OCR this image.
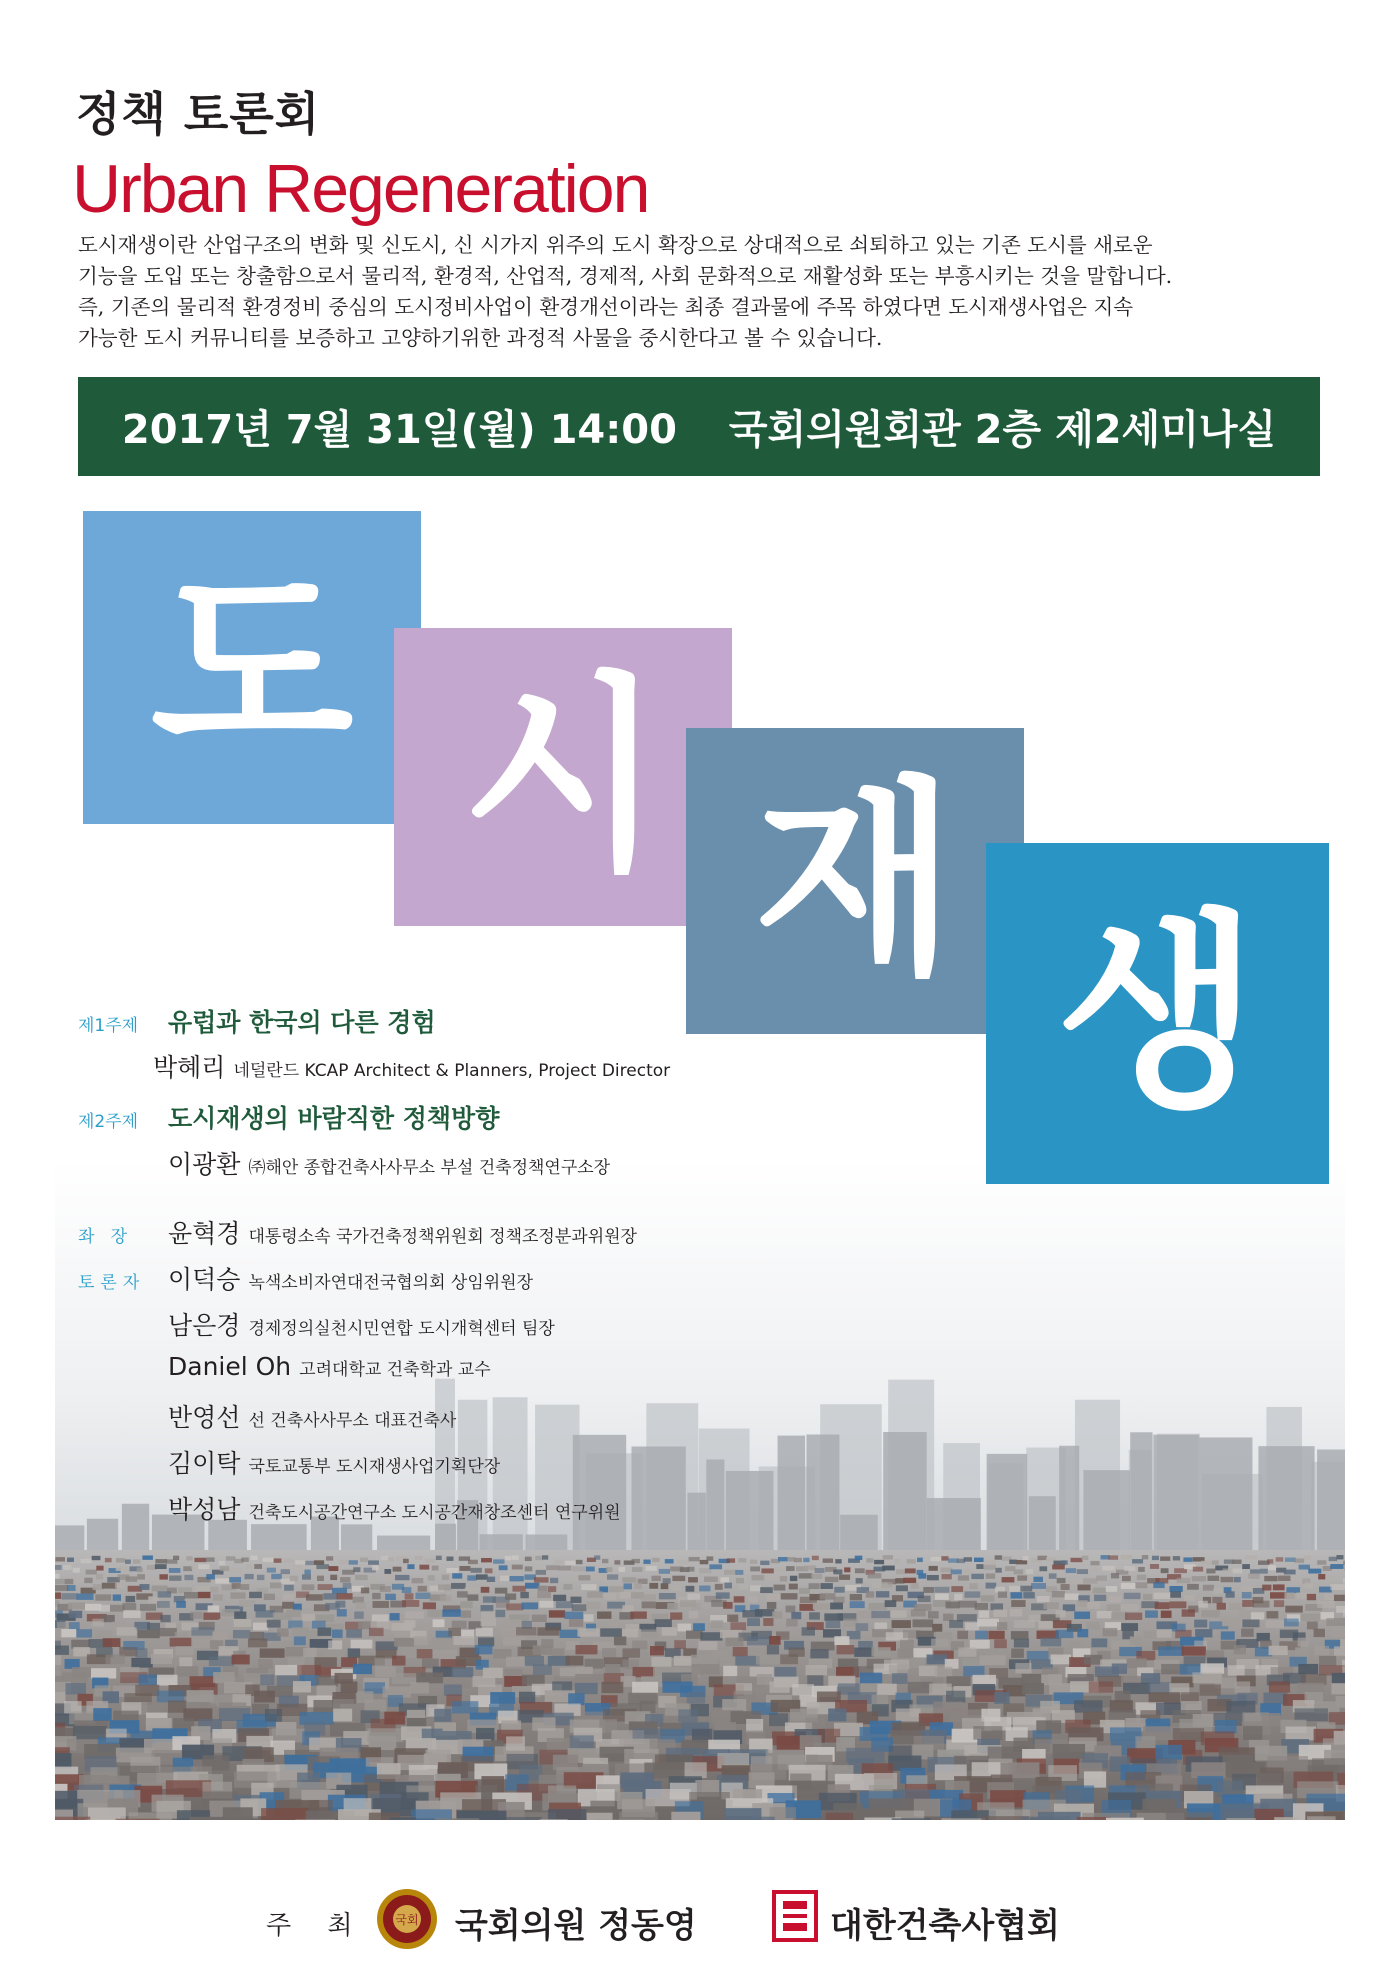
정책 토론회
Urban Regeneration
도시재생이란 산업구조의 변화 및 신도시, 신 시가지 위주의 도시 확장으로 상대적으로 쇠퇴하고 있는 기존 도시를 새로운
기능을 도입 또는 창출함으로서 물리적, 환경적, 산업적, 경제적, 사회 문화적으로 재활성화 또는 부흥시키는 것을 말합니다.
즉, 기존의 물리적 환경정비 중심의 도시정비사업이 환경개선이라는 최종 결과물에 주목 하였다면 도시재생사업은 지속
가능한 도시 커뮤니티를 보증하고 고양하기위한 과정적 사물을 중시한다고 볼 수 있습니다.
2017년 7월 31일(월) 14:00 국회의원회관 2층 제2세미나실
도 시 재
생
제1주제 유럽과 한국의 다른 경험
박혜리 네덜란드 KCAP Architect & Planners, Project Director
제2주제 도시재생의 바람직한 정책방향
이광환 ㈜해안 종합건축사사무소 부설 건축정책연구소장
좌   장 윤혁경 대통령소속 국가건축정책위원회 정책조정분과위원장
토론자 이덕승 녹색소비자연대전국협의회 상임위원장
남은경 경제정의실천시민연합 도시개혁센터 팀장
Daniel Oh 고려대학교 건축학과 교수
반영선 선 건축사사무소 대표건축사
김이탁 국토교통부 도시재생사업기획단장
박성남 건축도시공간연구소 도시공간재창조센터 연구위원
주 최 국회 국회의원 정동영	대한건축사협회
